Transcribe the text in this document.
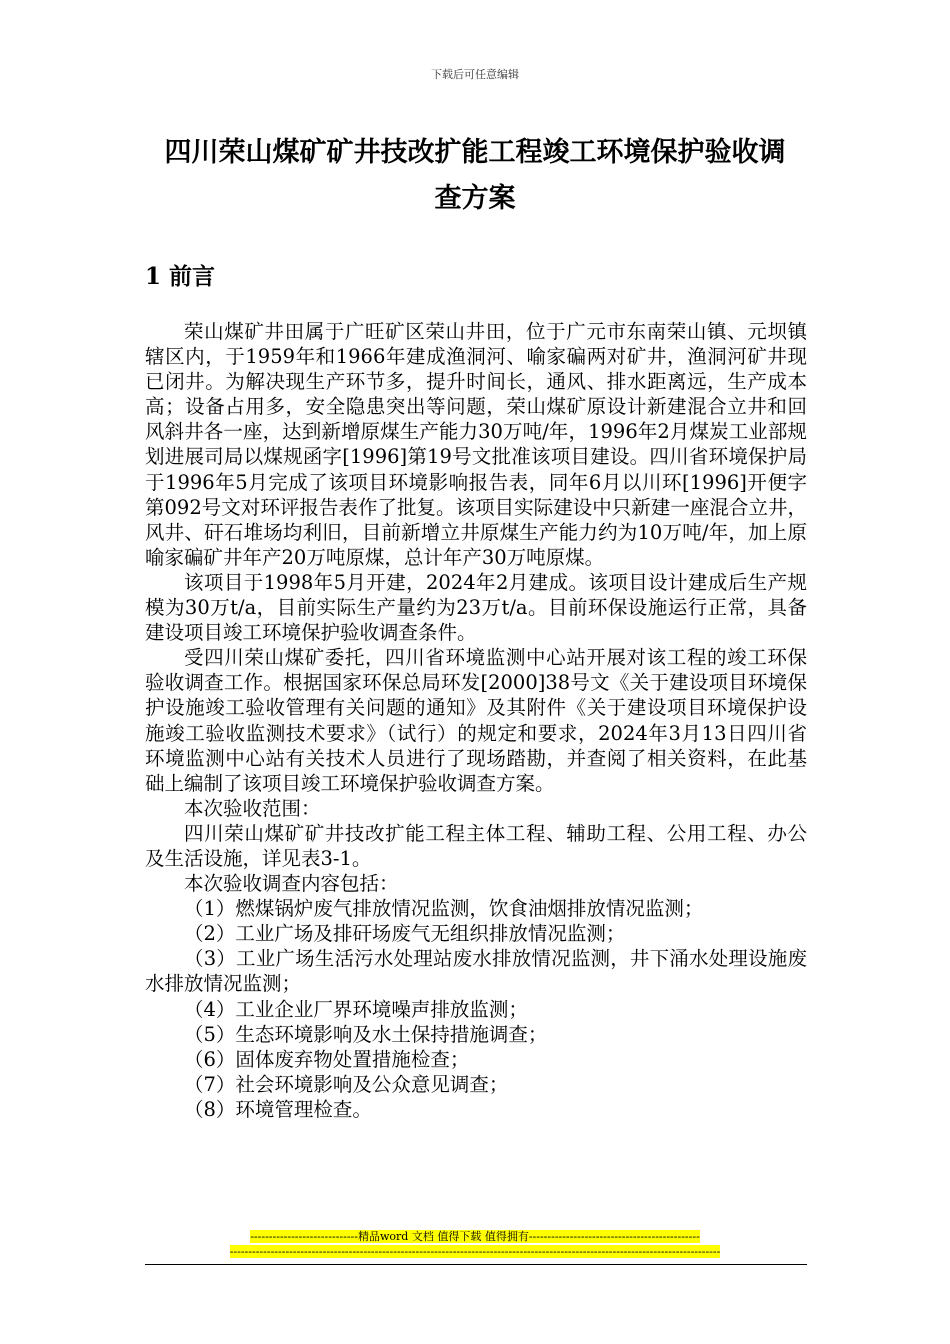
下载后可任意编辑
四川荣山煤矿矿井技改扩能工程竣工环境保护验收调
查方案
1 前言

荣山煤矿井田属于广旺矿区荣山井田，位于广元市东南荣山镇、元坝镇辖区内，于1959年和1966年建成渔洞河、喻家碥两对矿井，渔洞河矿井现已闭井。为解决现生产环节多，提升时间长，通风、排水距离远，生产成本高；设备占用多，安全隐患突出等问题，荣山煤矿原设计新建混合立井和回风斜井各一座，达到新增原煤生产能力30万吨/年，1996年2月煤炭工业部规划进展司局以煤规函字[1996]第19号文批准该项目建设。四川省环境保护局于1996年5月完成了该项目环境影响报告表，同年6月以川环[1996]开便字第092号文对环评报告表作了批复。该项目实际建设中只新建一座混合立井，风井、矸石堆场均利旧，目前新增立井原煤生产能力约为10万吨/年，加上原喻家碥矿井年产20万吨原煤，总计年产30万吨原煤。

该项目于1998年5月开建，2024年2月建成。该项目设计建成后生产规模为30万t/a，目前实际生产量约为23万t/a。目前环保设施运行正常，具备建设项目竣工环境保护验收调查条件。

受四川荣山煤矿委托，四川省环境监测中心站开展对该工程的竣工环保验收调查工作。根据国家环保总局环发[2000]38号文《关于建设项目环境保护设施竣工验收管理有关问题的通知》及其附件《关于建设项目环境保护设施竣工验收监测技术要求》（试行）的规定和要求，2024年3月13日四川省环境监测中心站有关技术人员进行了现场踏勘，并查阅了相关资料，在此基础上编制了该项目竣工环境保护验收调查方案。

本次验收范围：

四川荣山煤矿矿井技改扩能工程主体工程、辅助工程、公用工程、办公及生活设施，详见表3-1。

本次验收调查内容包括：

（1）燃煤锅炉废气排放情况监测，饮食油烟排放情况监测；

（2）工业广场及排矸场废气无组织排放情况监测；

（3）工业广场生活污水处理站废水排放情况监测，井下涌水处理设施废水排放情况监测；

（4）工业企业厂界环境噪声排放监测；

（5）生态环境影响及水土保持措施调查；

（6）固体废弃物处置措施检查；

（7）社会环境影响及公众意见调查；

（8）环境管理检查。

-----------------------------精品word 文档 值得下载 值得拥有----------------------------------------------
------------------------------------------------------------------------------------------------------------------------------------
